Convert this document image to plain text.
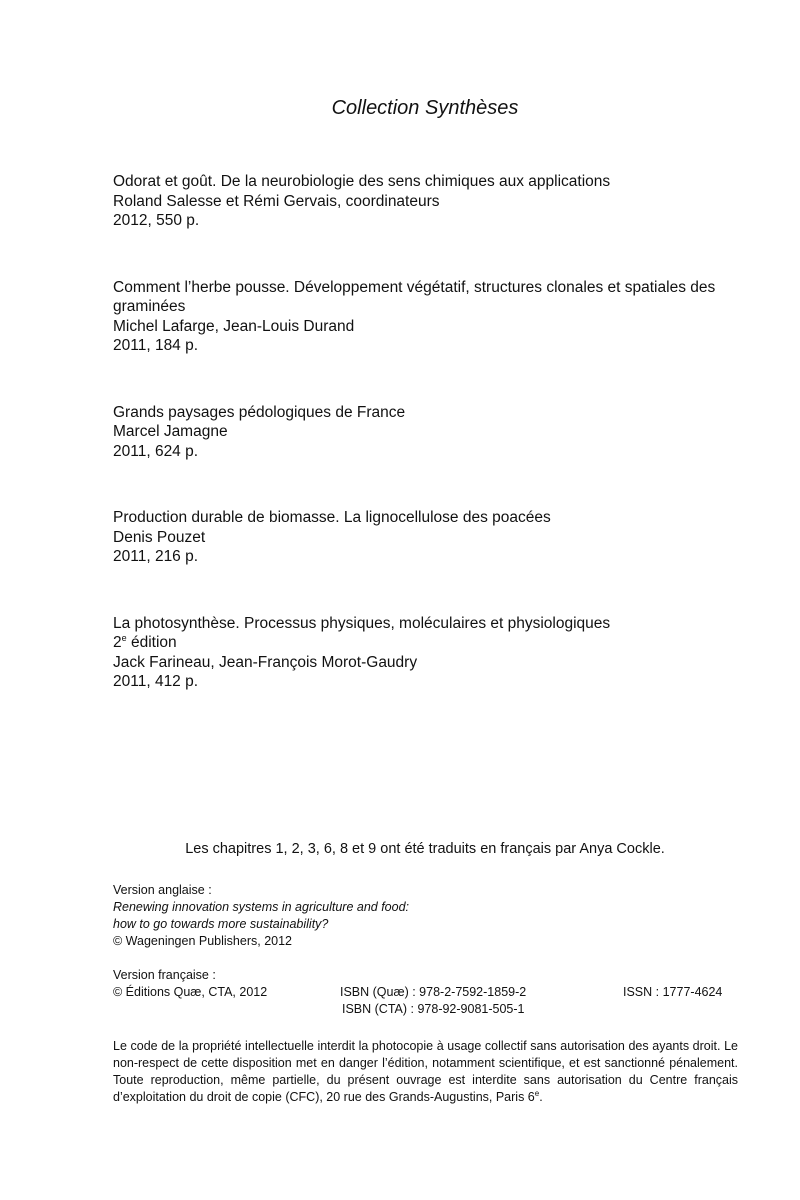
Collection Synthèses
Odorat et goût. De la neurobiologie des sens chimiques aux applications
Roland Salesse et Rémi Gervais, coordinateurs
2012, 550 p.
Comment l’herbe pousse. Développement végétatif, structures clonales et spatiales des graminées
Michel Lafarge, Jean-Louis Durand
2011, 184 p.
Grands paysages pédologiques de France
Marcel Jamagne
2011, 624 p.
Production durable de biomasse. La lignocellulose des poacées
Denis Pouzet
2011, 216 p.
La photosynthèse. Processus physiques, moléculaires et physiologiques
2e édition
Jack Farineau, Jean-François Morot-Gaudry
2011, 412 p.
Les chapitres 1, 2, 3, 6, 8 et 9 ont été traduits en français par Anya Cockle.
Version anglaise :
Renewing innovation systems in agriculture and food:
how to go towards more sustainability?
© Wageningen Publishers, 2012
Version française :
© Éditions Quæ, CTA, 2012	ISBN (Quæ) : 978-2-7592-1859-2	ISSN : 1777-4624
ISBN (CTA) : 978-92-9081-505-1
Le code de la propriété intellectuelle interdit la photocopie à usage collectif sans autorisation des ayants droit. Le
non-respect de cette disposition met en danger l’édition, notamment scientifique, et est sanctionné pénalement.
Toute reproduction, même partielle, du présent ouvrage est interdite sans autorisation du Centre français
d’exploitation du droit de copie (CFC), 20 rue des Grands-Augustins, Paris 6e.
